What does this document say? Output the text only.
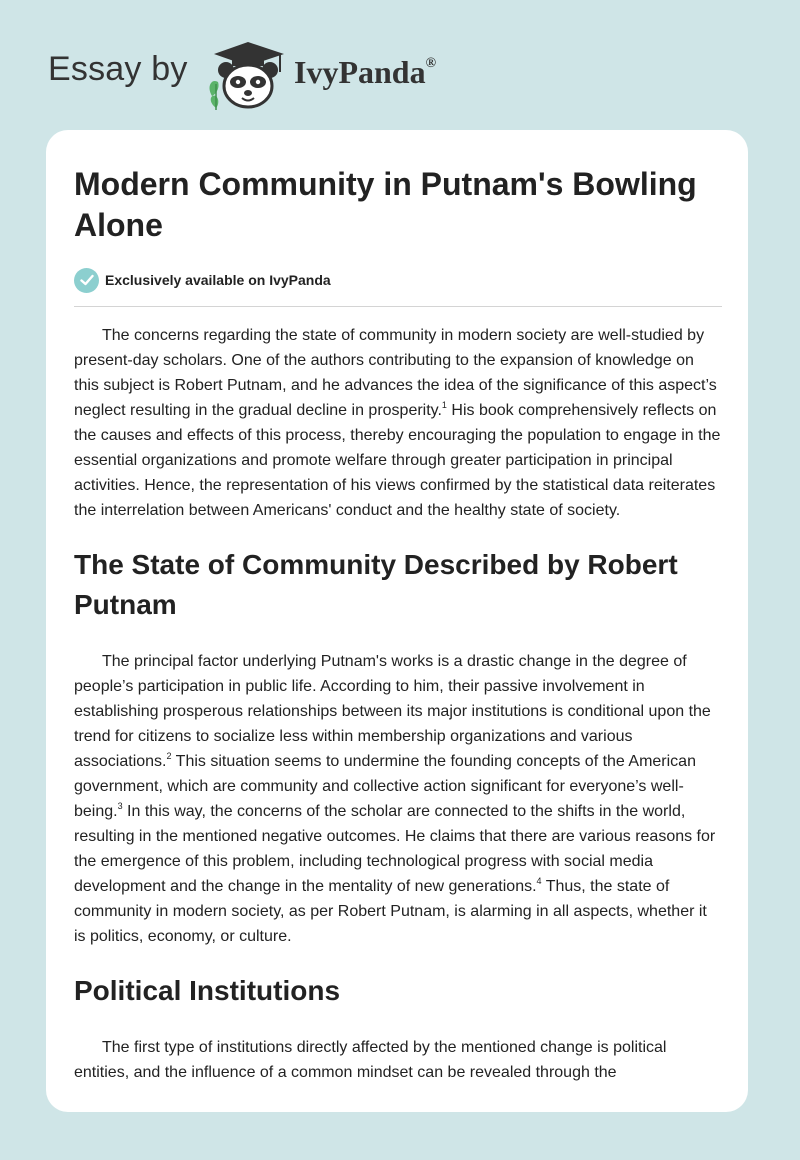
Essay by	IvyPanda®
Modern Community in Putnam's Bowling Alone
Exclusively available on IvyPanda

The concerns regarding the state of community in modern society are well-studied by present-day scholars. One of the authors contributing to the expansion of knowledge on this subject is Robert Putnam, and he advances the idea of the significance of this aspect’s neglect resulting in the gradual decline in prosperity.$^1$ His book comprehensively reflects on the causes and effects of this process, thereby encouraging the population to engage in the essential organizations and promote welfare through greater participation in principal activities. Hence, the representation of his views confirmed by the statistical data reiterates the interrelation between Americans' conduct and the healthy state of society.

The State of Community Described by Robert Putnam

The principal factor underlying Putnam's works is a drastic change in the degree of people’s participation in public life. According to him, their passive involvement in establishing prosperous relationships between its major institutions is conditional upon the trend for citizens to socialize less within membership organizations and various associations.$^2$ This situation seems to undermine the founding concepts of the American government, which are community and collective action significant for everyone’s well-being.$^3$ In this way, the concerns of the scholar are connected to the shifts in the world, resulting in the mentioned negative outcomes. He claims that there are various reasons for the emergence of this problem, including technological progress with social media development and the change in the mentality of new generations.$^4$ Thus, the state of community in modern society, as per Robert Putnam, is alarming in all aspects, whether it is politics, economy, or culture.

Political Institutions

The first type of institutions directly affected by the mentioned change is political entities, and the influence of a common mindset can be revealed through the
